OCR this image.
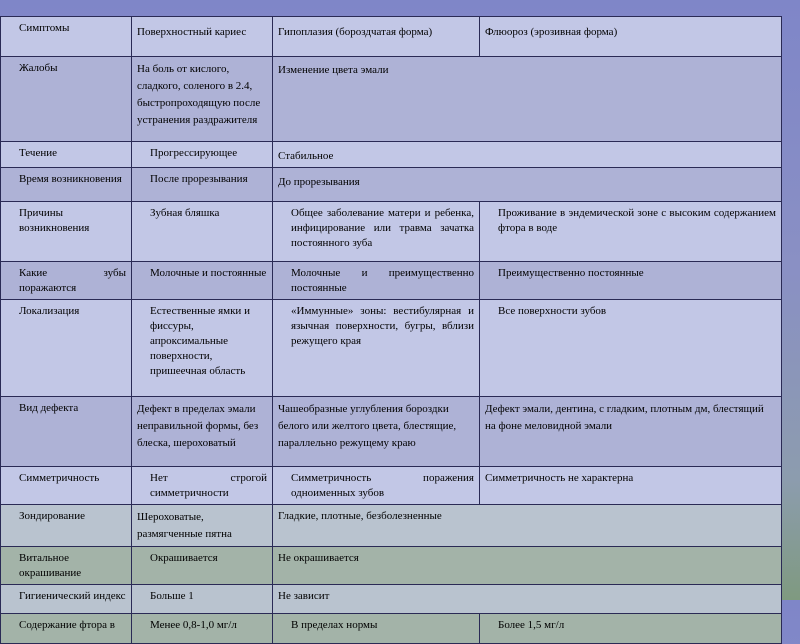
Симптомы	Поверхностный кариес	Гипоплазия (бороздчатая форма)	Флюороз (эрозивная форма)
Жалобы	На боль от кислого, сладкого, соленого в 2.4, быстропроходящую после устранения раздражителя	Изменение цвета эмали	
Течение	Прогрессирующее	Стабильное	
Время возникновения	После прорезывания	До прорезывания	
Причины возникновения	Зубная бляшка	Общее заболевание матери и ребенка, инфицирование или травма зачатка постоянного зуба	Проживание в эндемической зоне с высоким содержанием фтора в воде
Какие зубы поражаются	Молочные и постоянные	Молочные и преимущественно постоянные	Преимущественно постоянные
Локализация	Естественные ямки и фиссуры, апроксимальные поверхности, пришеечная область	«Иммунные» зоны: вестибулярная и язычная поверхности, бугры, вблизи режущего края	Все поверхности зубов
Вид дефекта	Дефект в пределах эмали неправильной формы, без блеска, шероховатый	Чашеобразные углубления бороздки белого или желтого цвета, блестящие, параллельно режущему краю	Дефект эмали, дентина, с гладким, плотным дм, блестящий на фоне меловидной эмали
Симметричность	Нет строгой симметричности	Симметричность поражения одноименных зубов	Симметричность не характерна
Зондирование	Шероховатые, размягченные пятна	Гладкие, плотные, безболезненные	
Витальное окрашивание	Окрашивается	Не окрашивается	
Гигиенический индекс	Больше 1	Не зависит	
Содержание фтора в	Менее 0,8-1,0 мг/л	В пределах нормы	Более 1,5 мг/л
